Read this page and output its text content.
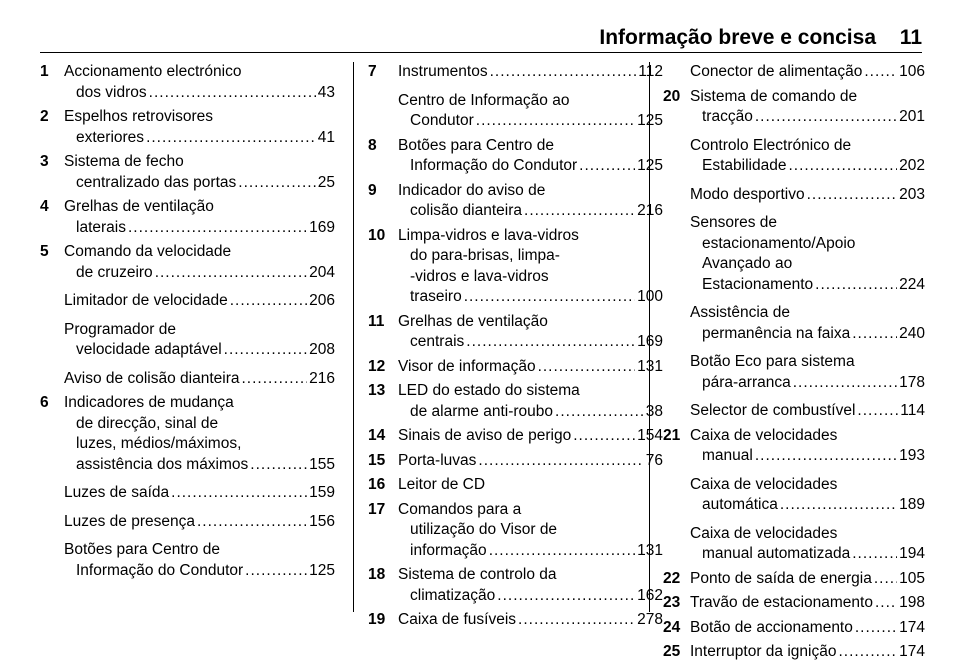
Informação breve e concisa 11
1 Accionamento electrónico
dos vidros .....	43
2 Espelhos retrovisores
exteriores .....	41
3 Sistema de fecho
centralizado das portas .....	25
4 Grelhas de ventilação
laterais .....	169
5 Comando da velocidade
de cruzeiro .....	204
Limitador de velocidade .....	206
Programador de
velocidade adaptável .....	208
Aviso de colisão dianteira .....	216
6 Indicadores de mudança
de direcção, sinal de
luzes, médios/máximos,
assistência dos máximos .....	155
Luzes de saída .....	159
Luzes de presença .....	156
Botões para Centro de
Informação do Condutor .....	125
7	Instrumentos .....	112
Centro de Informação ao
Condutor .....	125
8	Botões para Centro de
Informação do Condutor .....	125
9	Indicador do aviso de
colisão dianteira .....	216
10 Limpa-vidros e lava-vidros
do para-brisas, limpa-
-vidros e lava-vidros
traseiro .....	100
11 Grelhas de ventilação
centrais .....	169
12 Visor de informação .....	131
13 LED do estado do sistema
de alarme anti-roubo .....	38
14 Sinais de aviso de perigo .....	154
15 Porta-luvas .....	76
16 Leitor de CD
17 Comandos para a
utilização do Visor de
informação .....	131
18 Sistema de controlo da
climatização .....	162
19 Caixa de fusíveis .....	278
Conector de alimentação ..... 106
20 Sistema de comando de
tracção .....	201
Controlo Electrónico de
Estabilidade .....	202
Modo desportivo .....	203
Sensores de
estacionamento/Apoio
Avançado ao
Estacionamento .....	224
Assistência de
permanência na faixa .....	240
Botão Eco para sistema
pára-arranca .....	178
Selector de combustível .....	114
21 Caixa de velocidades
manual .....	193
Caixa de velocidades
automática .....	189
Caixa de velocidades
manual automatizada .....	194
22 Ponto de saída de energia ..... 105
23 Travão de estacionamento ..... 198
24 Botão de accionamento .....	174
25 Interruptor da ignição .....	174
